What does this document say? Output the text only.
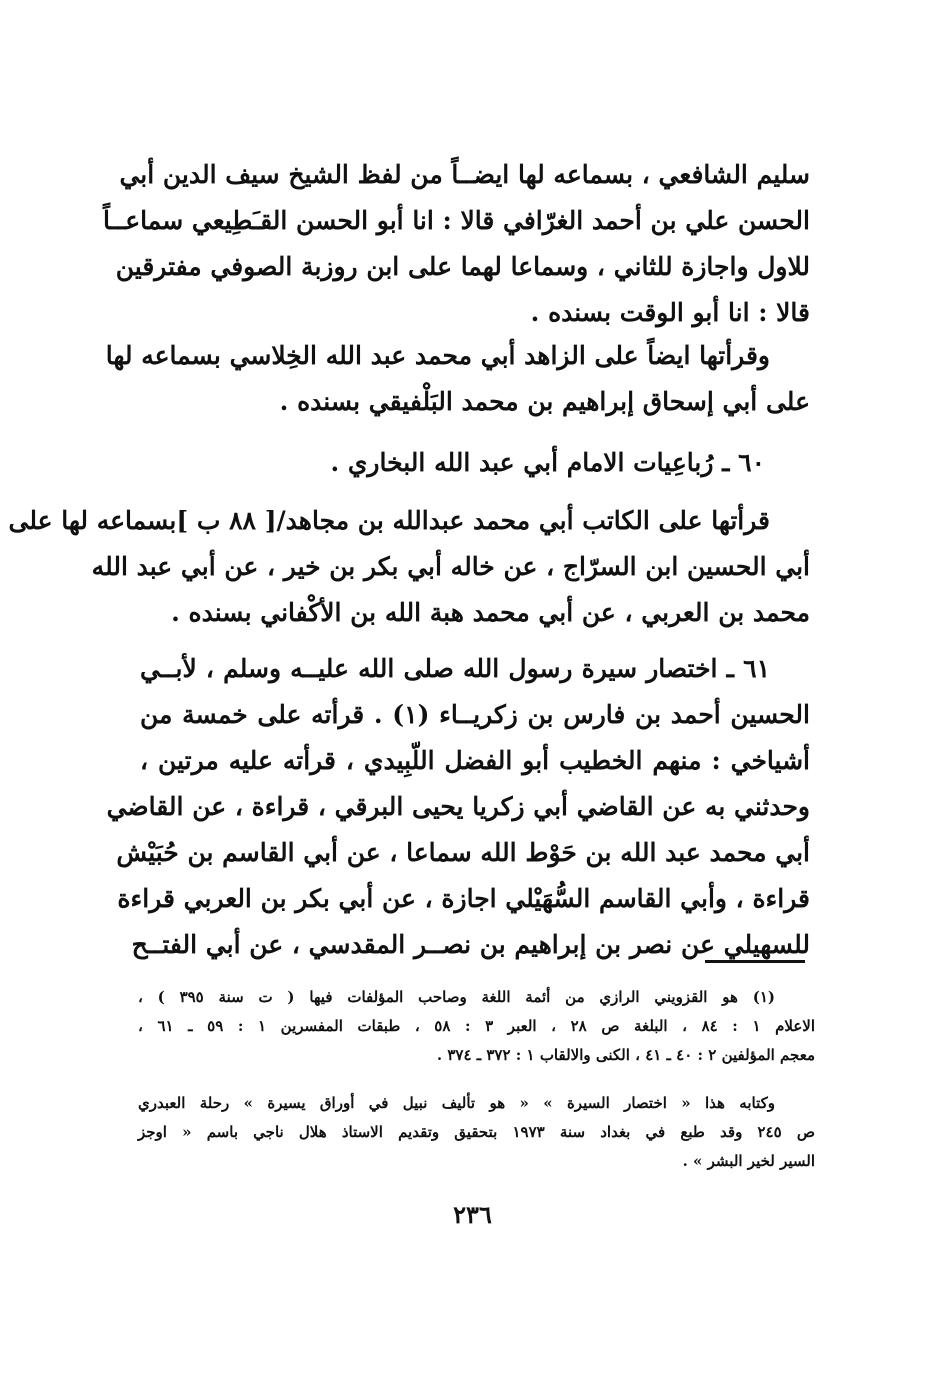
سليم الشافعي ، بسماعه لها ايضــاً من لفظ الشيخ سيف الدين أبي
الحسن علي بن أحمد الغرّافي قالا : انا أبو الحسن القـَطِيعي سماعــاً
للاول واجازة للثاني ، وسماعا لهما على ابن روزبة الصوفي مفترقين
قالا : انا أبو الوقت بسنده .
وقرأتها ايضاً على الزاهد أبي محمد عبد الله الخِلاسي بسماعه لها
على أبي إسحاق إبراهيم بن محمد البَلْفيقي بسنده .
٦٠ ـ رُباعِيات الامام أبي عبد الله البخاري .
قرأتها على الكاتب أبي محمد عبدالله بن مجاهد/[ ٨٨ ب ]بسماعه لها على
أبي الحسين ابن السرّاج ، عن خاله أبي بكر بن خير ، عن أبي عبد الله
محمد بن العربي ، عن أبي محمد هبة الله بن الأكْفاني بسنده .
٦١ ـ اختصار سيرة رسول الله صلى الله عليــه وسلم ، لأبــي
الحسين أحمد بن فارس بن زكريــاء (١) . قرأته على خمسة من
أشياخي : منهم الخطيب أبو الفضل اللّبِيدي ، قرأته عليه مرتين ،
وحدثني به عن القاضي أبي زكريا يحيى البرقي ، قراءة ، عن القاضي
أبي محمد عبد الله بن حَوْط الله سماعا ، عن أبي القاسم بن حُبَيْش
قراءة ، وأبي القاسم السُّهَيْلي اجازة ، عن أبي بكر بن العربي قراءة
للسهيلي عن نصر بن إبراهيم بن نصــر المقدسي ، عن أبي الفتــح
(١) هو القزويني الرازي من أئمة اللغة وصاحب المؤلفات فيها ( ت سنة ٣٩٥ ) ،
الاعلام ١ : ٨٤ ، البلغة ص ٢٨ ، العبر ٣ : ٥٨ ، طبقات المفسرين ١ : ٥٩ ـ ٦١ ،
معجم المؤلفين ٢ : ٤٠ ـ ٤١ ، الكنى والالقاب ١ : ٣٧٢ ـ ٣٧٤ .
وكتابه هذا « اختصار السيرة » « هو تأليف نبيل في أوراق يسيرة » رحلة العبدري
ص ٢٤٥ وقد طبع في بغداد سنة ١٩٧٣ بتحقيق وتقديم الاستاذ هلال ناجي باسم « اوجز
السير لخير البشر » .
٢٣٦
